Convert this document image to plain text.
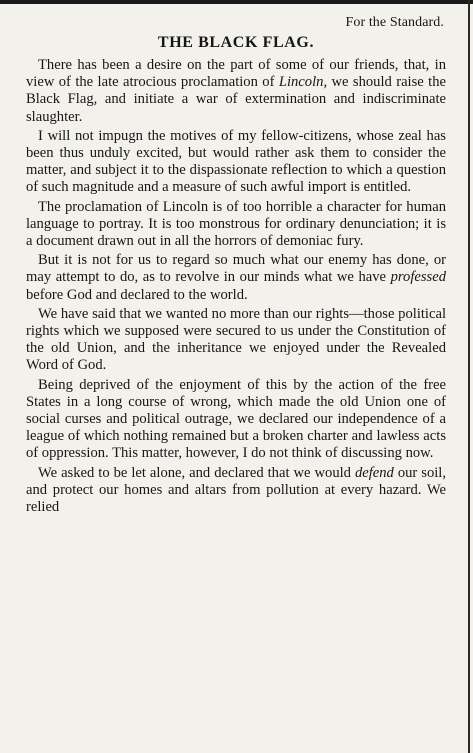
For the Standard.
THE BLACK FLAG.

There has been a desire on the part of some of our friends, that, in view of the late atrocious proclamation of Lincoln, we should raise the Black Flag, and initiate a war of extermination and indiscriminate slaughter.

I will not impugn the motives of my fellow-citizens, whose zeal has been thus unduly excited, but would rather ask them to consider the matter, and subject it to the dispassionate reflection to which a question of such magnitude and a measure of such awful import is entitled.

The proclamation of Lincoln is of too horrible a character for human language to portray. It is too monstrous for ordinary denunciation; it is a document drawn out in all the horrors of demoniac fury.

But it is not for us to regard so much what our enemy has done, or may attempt to do, as to revolve in our minds what we have professed before God and declared to the world.

We have said that we wanted no more than our rights—those political rights which we supposed were secured to us under the Constitution of the old Union, and the inheritance we enjoyed under the Revealed Word of God.

Being deprived of the enjoyment of this by the action of the free States in a long course of wrong, which made the old Union one of social curses and political outrage, we declared our independence of a league of which nothing remained but a broken charter and lawless acts of oppression. This matter, however, I do not think of discussing now.

We asked to be let alone, and declared that we would defend our soil, and protect our homes and altars from pollution at every hazard. We relied
